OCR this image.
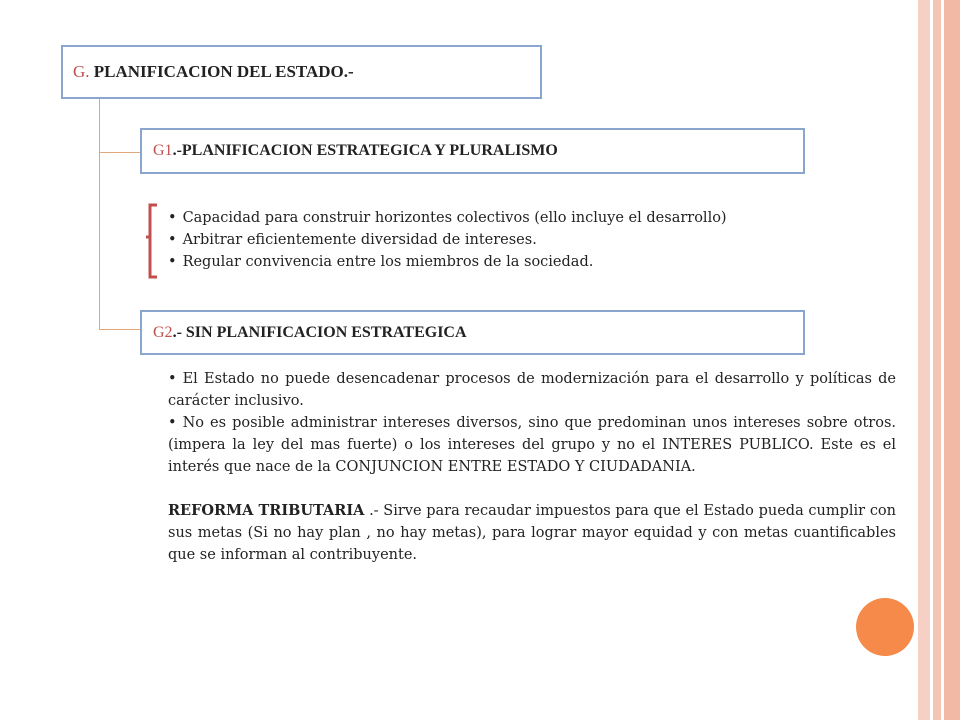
G.
PLANIFICACION DEL ESTADO.-
G1 .-PLANIFICACION ESTRATEGICA Y PLURALISMO
• Capacidad para construir horizontes colectivos (ello incluye el desarrollo)
• Arbitrar eficientemente diversidad de intereses.
• Regular convivencia entre los miembros de la sociedad.
G2 .- SIN PLANIFICACION ESTRATEGICA

• El Estado no puede desencadenar procesos de modernización para el desarrollo y políticas de carácter inclusivo.

• No es posible administrar intereses diversos, sino que predominan unos intereses sobre otros. (impera la ley del mas fuerte) o los intereses del grupo y no el INTERES PUBLICO. Este es el interés que nace de la CONJUNCION ENTRE ESTADO Y CIUDADANIA.

REFORMA TRIBUTARIA .- Sirve para recaudar impuestos para que el Estado pueda cumplir con sus metas (Si no hay plan , no hay metas), para lograr mayor equidad y con metas cuantificables que se informan al contribuyente.
